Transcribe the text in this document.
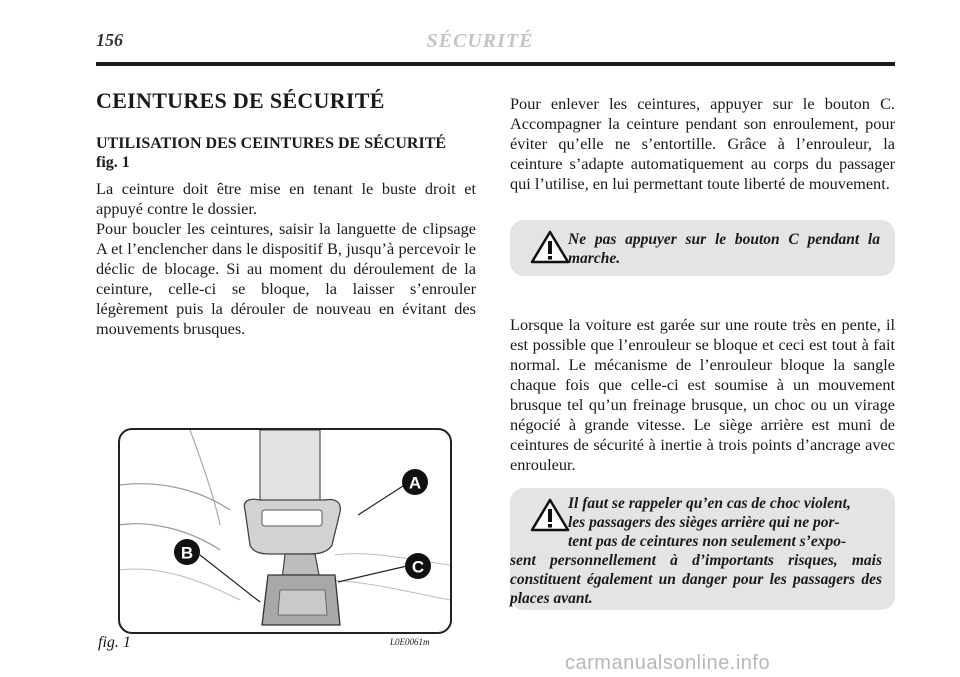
156	SÉCURITÉ
CEINTURES DE SÉCURITÉ
UTILISATION DES CEINTURES DE SÉCURITÉ
fig. 1
La ceinture doit être mise en tenant le buste droit et appuyé contre le dossier.
Pour boucler les ceintures, saisir la languette de clipsage A et l’enclencher dans le dispositif B, jusqu’à percevoir le déclic de blocage. Si au moment du déroulement de la ceinture, celle-ci se bloque, la laisser s’enrouler légèrement puis la dérouler de nouveau en évitant des mouvements brusques.
A
B
C
fig. 1	L0E0061m
Pour enlever les ceintures, appuyer sur le bouton C. Accompagner la ceinture pendant son enroulement, pour éviter qu’elle ne s’entortille. Grâce à l’enrouleur, la ceinture s’adapte automatiquement au corps du passager qui l’utilise, en lui permettant toute liberté de mouvement.
Ne pas appuyer sur le bouton C pendant la marche.
Lorsque la voiture est garée sur une route très en pente, il est possible que l’enrouleur se bloque et ceci est tout à fait normal. Le mécanisme de l’enrouleur bloque la sangle chaque fois que celle-ci est soumise à un mouvement brusque tel qu’un freinage brusque, un choc ou un virage négocié à grande vitesse. Le siège arrière est muni de ceintures de sécurité à inertie à trois points d’ancrage avec enrouleur.
Il faut se rappeler qu’en cas de choc violent,
les passagers des sièges arrière qui ne por-
tent pas de ceintures non seulement s’expo-
sent personnellement à d’importants risques, mais constituent également un danger pour les passagers des places avant.
carmanualsonline.info
